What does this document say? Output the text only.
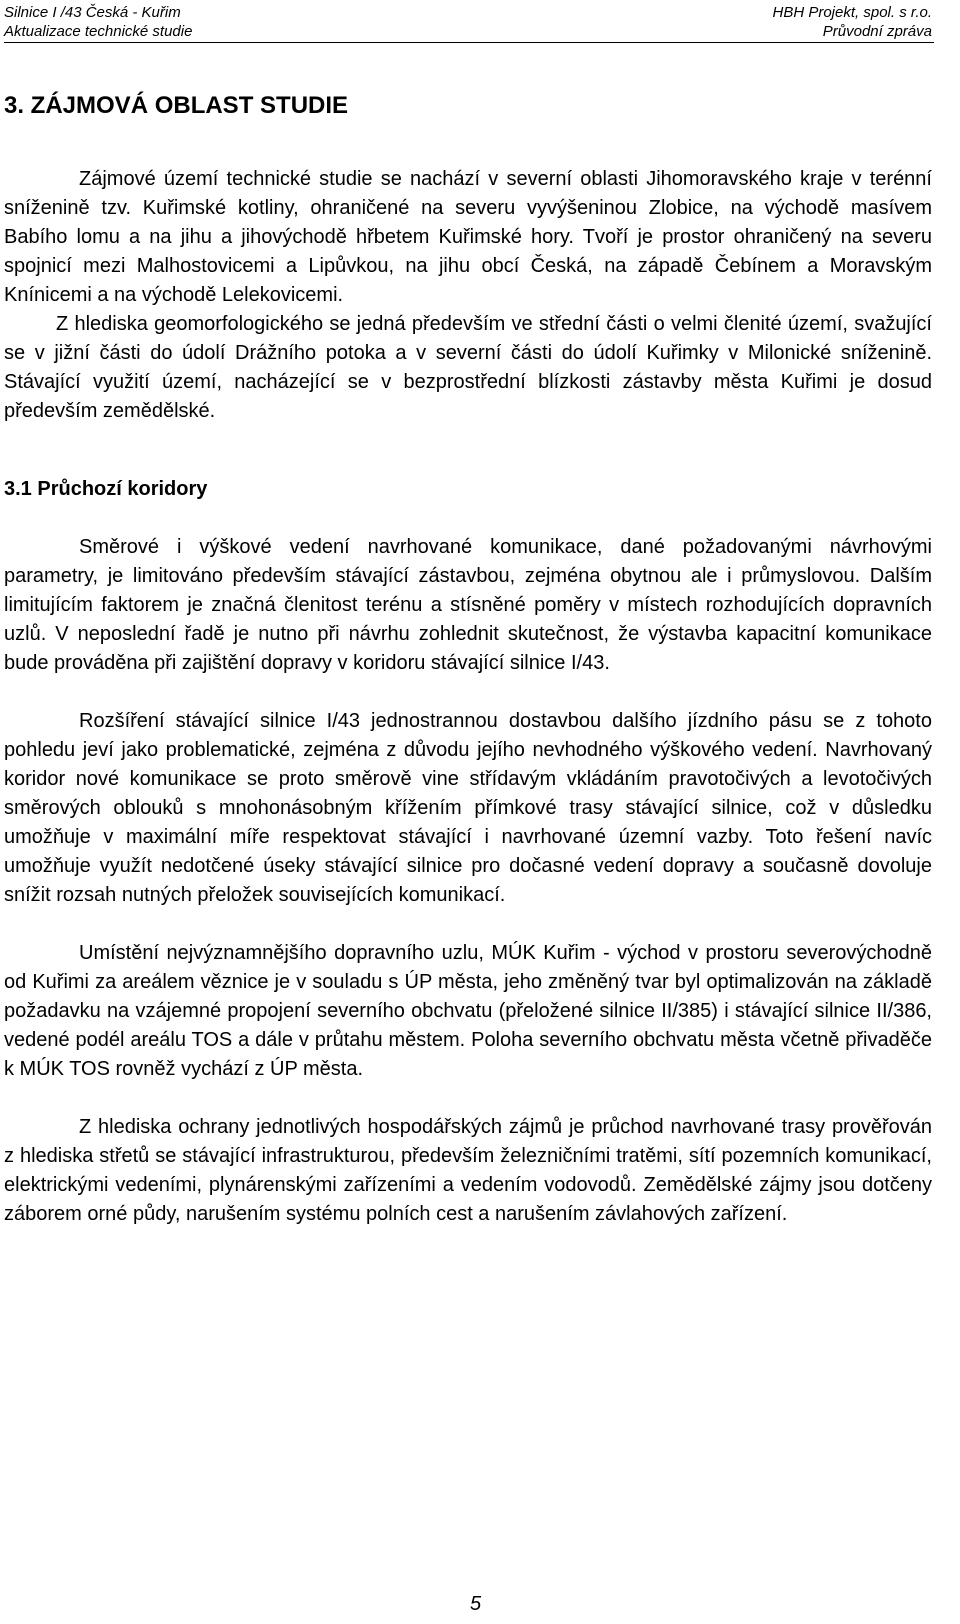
Silnice I /43 Česká - Kuřim
Aktualizace technické studie
HBH Projekt, spol. s r.o.
Průvodní zpráva
3. ZÁJMOVÁ OBLAST STUDIE

Zájmové území technické studie se nachází v severní oblasti Jihomoravského kraje v terénní sníženině tzv. Kuřimské kotliny, ohraničené na severu vyvýšeninou Zlobice, na východě masívem Babího lomu a na jihu a jihovýchodě hřbetem Kuřimské hory. Tvoří je prostor ohraničený na severu spojnicí mezi Malhostovicemi a Lipůvkou, na jihu obcí Česká, na západě Čebínem a Moravským Knínicemi a na východě Lelekovicemi.

Z hlediska geomorfologického se jedná především ve střední části o velmi členité území, svažující se v jižní části do údolí Drážního potoka a v severní části do údolí Kuřimky v Milonické sníženině. Stávající využití území, nacházející se v bezprostřední blízkosti zástavby města Kuřimi je dosud především zemědělské.

3.1 Průchozí koridory

Směrové i výškové vedení navrhované komunikace, dané požadovanými návrhovými parametry, je limitováno především stávající zástavbou, zejména obytnou ale i průmyslovou. Dalším limitujícím faktorem je značná členitost terénu a stísněné poměry v místech rozhodujících dopravních uzlů. V neposlední řadě je nutno při návrhu zohlednit skutečnost, že výstavba kapacitní komunikace bude prováděna při zajištění dopravy v koridoru stávající silnice I/43.

Rozšíření stávající silnice I/43 jednostrannou dostavbou dalšího jízdního pásu se z tohoto pohledu jeví jako problematické, zejména z důvodu jejího nevhodného výškového vedení. Navrhovaný koridor nové komunikace se proto směrově vine střídavým vkládáním pravotočivých a levotočivých směrových oblouků s mnohonásobným křížením přímkové trasy stávající silnice, což v důsledku umožňuje v maximální míře respektovat stávající i navrhované územní vazby. Toto řešení navíc umožňuje využít nedotčené úseky stávající silnice pro dočasné vedení dopravy a současně dovoluje snížit rozsah nutných přeložek souvisejících komunikací.

Umístění nejvýznamnějšího dopravního uzlu, MÚK Kuřim - východ v prostoru severovýchodně od Kuřimi za areálem věznice je v souladu s ÚP města, jeho změněný tvar byl optimalizován na základě požadavku na vzájemné propojení severního obchvatu (přeložené silnice II/385) i stávající silnice II/386, vedené podél areálu TOS a dále v průtahu městem. Poloha severního obchvatu města včetně přivaděče k MÚK TOS rovněž vychází z ÚP města.

Z hlediska ochrany jednotlivých hospodářských zájmů je průchod navrhované trasy prověřován z hlediska střetů se stávající infrastrukturou, především železničními tratěmi, sítí pozemních komunikací, elektrickými vedeními, plynárenskými zařízeními a vedením vodovodů. Zemědělské zájmy jsou dotčeny záborem orné půdy, narušením systému polních cest a narušením závlahových zařízení.

5
